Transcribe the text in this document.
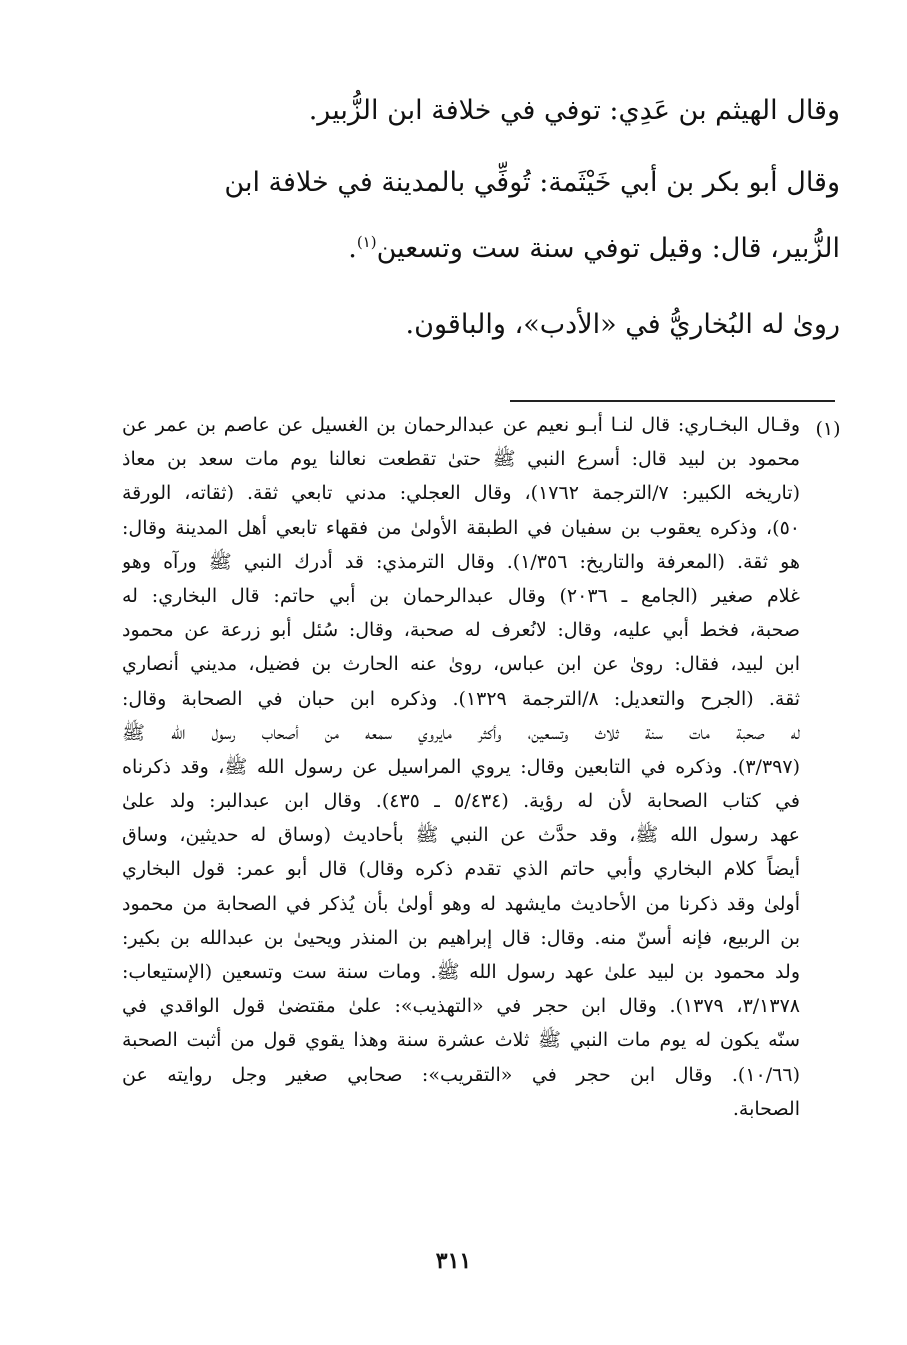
وقال الهيثم بن عَدِي: توفي في خلافة ابن الزُّبير.
وقال أبو بكر بن أبي خَيْثَمة: تُوفِّي بالمدينة في خلافة ابن
الزُّبير، قال: وقيل توفي سنة ست وتسعين$^{(١)}$.
روىٰ له البُخاريُّ في «الأدب»، والباقون.
(١)
وقـال البخـاري: قال لنـا أبـو نعيم عن عبدالرحمان بن الغسيل عن عاصم بن عمر عن
محمود بن لبيد قال: أسرع النبي ﷺ حتىٰ تقطعت نعالنا يوم مات سعد بن معاذ
(تاريخه الكبير: ٧/الترجمة ١٧٦٢)، وقال العجلي: مدني تابعي ثقة. (ثقاته، الورقة
٥٠)، وذكره يعقوب بن سفيان في الطبقة الأولىٰ من فقهاء تابعي أهل المدينة وقال:
هو ثقة. (المعرفة والتاريخ: ١/٣٥٦). وقال الترمذي: قد أدرك النبي ﷺ ورآه وهو
غلام صغير (الجامع ـ ٢٠٣٦) وقال عبدالرحمان بن أبي حاتم: قال البخاري: له
صحبة، فخط أبي عليه، وقال: لانُعرف له صحبة، وقال: سُئل أبو زرعة عن محمود
ابن لبيد، فقال: روىٰ عن ابن عباس، روىٰ عنه الحارث بن فضيل، مديني أنصاري
ثقة. (الجرح والتعديل: ٨/الترجمة ١٣٢٩). وذكره ابن حبان في الصحابة وقال:
له صحبة مات سنة ثلاث وتسعين، وأكثر مايروي سمعه من أصحاب رسول الله ﷺ
(٣/٣٩٧). وذكره في التابعين وقال: يروي المراسيل عن رسول الله ﷺ، وقد ذكرناه
في كتاب الصحابة لأن له رؤية. (٥/٤٣٤ ـ ٤٣٥). وقال ابن عبدالبر: ولد علىٰ
عهد رسول الله ﷺ، وقد حدَّث عن النبي ﷺ بأحاديث (وساق له حديثين، وساق
أيضاً كلام البخاري وأبي حاتم الذي تقدم ذكره وقال) قال أبو عمر: قول البخاري
أولىٰ وقد ذكرنا من الأحاديث مايشهد له وهو أولىٰ بأن يُذكر في الصحابة من محمود
بن الربيع، فإنه أسنّ منه. وقال: قال إبراهيم بن المنذر ويحيىٰ بن عبدالله بن بكير:
ولد محمود بن لبيد علىٰ عهد رسول الله ﷺ. ومات سنة ست وتسعين (الإستيعاب:
٣/١٣٧٨، ١٣٧٩). وقال ابن حجر في «التهذيب»: علىٰ مقتضىٰ قول الواقدي في
سنّه يكون له يوم مات النبي ﷺ ثلاث عشرة سنة وهذا يقوي قول من أثبت الصحبة
(١٠/٦٦). وقال ابن حجر في «التقريب»: صحابي صغير وجل روايته عن
الصحابة.
٣١١
